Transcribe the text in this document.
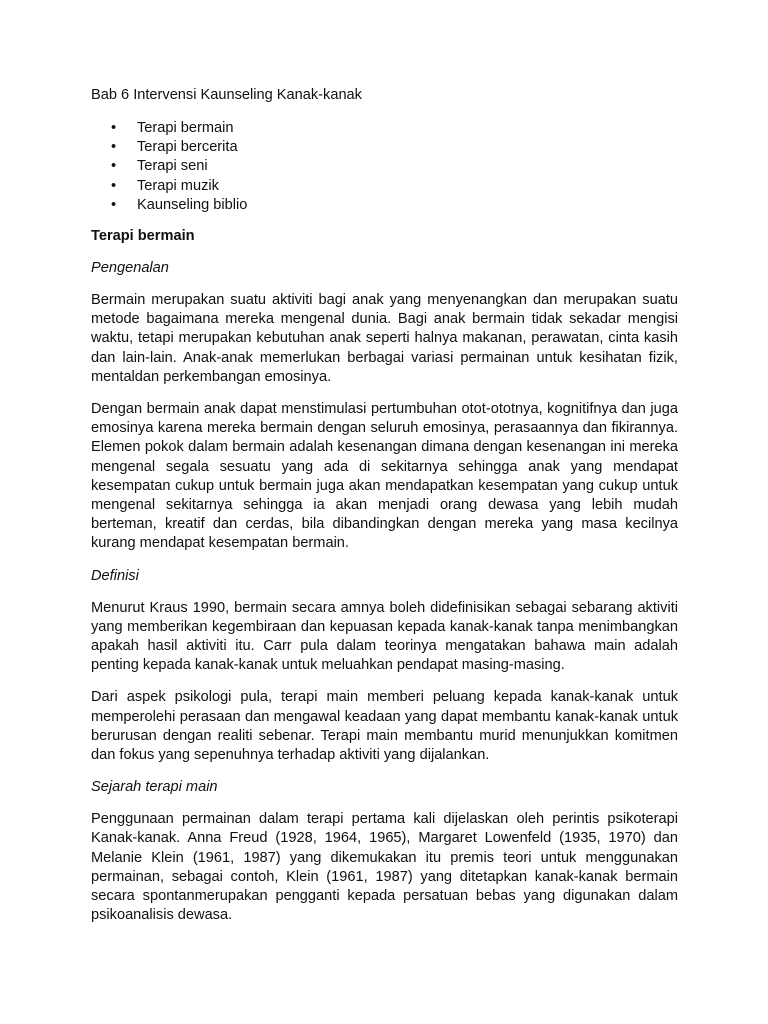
Bab 6 Intervensi Kaunseling Kanak-kanak
• Terapi bermain
• Terapi bercerita
• Terapi seni
• Terapi muzik
• Kaunseling biblio
Terapi bermain
Pengenalan

Bermain merupakan suatu aktiviti bagi anak yang menyenangkan dan merupakan suatu metode bagaimana mereka mengenal dunia. Bagi anak bermain tidak sekadar mengisi waktu, tetapi merupakan kebutuhan anak seperti halnya makanan, perawatan, cinta kasih dan lain-lain. Anak-anak memerlukan berbagai variasi permainan untuk kesihatan fizik, mentaldan perkembangan emosinya.

Dengan bermain anak dapat menstimulasi pertumbuhan otot-ototnya, kognitifnya dan juga emosinya karena mereka bermain dengan seluruh emosinya, perasaannya dan fikirannya. Elemen pokok dalam bermain adalah kesenangan dimana dengan kesenangan ini mereka mengenal segala sesuatu yang ada di sekitarnya sehingga anak yang mendapat kesempatan cukup untuk bermain juga akan mendapatkan kesempatan yang cukup untuk mengenal sekitarnya sehingga ia akan menjadi orang dewasa yang lebih mudah berteman, kreatif dan cerdas, bila dibandingkan dengan mereka yang masa kecilnya   kurang mendapat kesempatan bermain.

Definisi

Menurut Kraus 1990, bermain secara amnya boleh didefinisikan sebagai sebarang aktiviti yang memberikan kegembiraan dan kepuasan kepada kanak-kanak tanpa menimbangkan apakah hasil aktiviti itu. Carr pula dalam teorinya mengatakan bahawa main adalah penting kepada kanak-kanak untuk meluahkan pendapat masing-masing.

Dari aspek psikologi pula, terapi main memberi peluang kepada kanak-kanak untuk memperolehi perasaan dan mengawal keadaan yang dapat membantu kanak-kanak untuk berurusan dengan realiti sebenar. Terapi main membantu murid menunjukkan komitmen dan fokus yang sepenuhnya terhadap aktiviti yang dijalankan.

Sejarah terapi main

Penggunaan permainan dalam terapi pertama kali dijelaskan oleh perintis psikoterapi Kanak-kanak. Anna Freud (1928, 1964, 1965), Margaret Lowenfeld (1935, 1970) dan Melanie Klein (1961, 1987) yang dikemukakan itu premis teori untuk menggunakan permainan, sebagai contoh, Klein (1961, 1987) yang ditetapkan kanak-kanak bermain secara spontanmerupakan pengganti kepada persatuan bebas yang digunakan dalam psikoanalisis dewasa.
